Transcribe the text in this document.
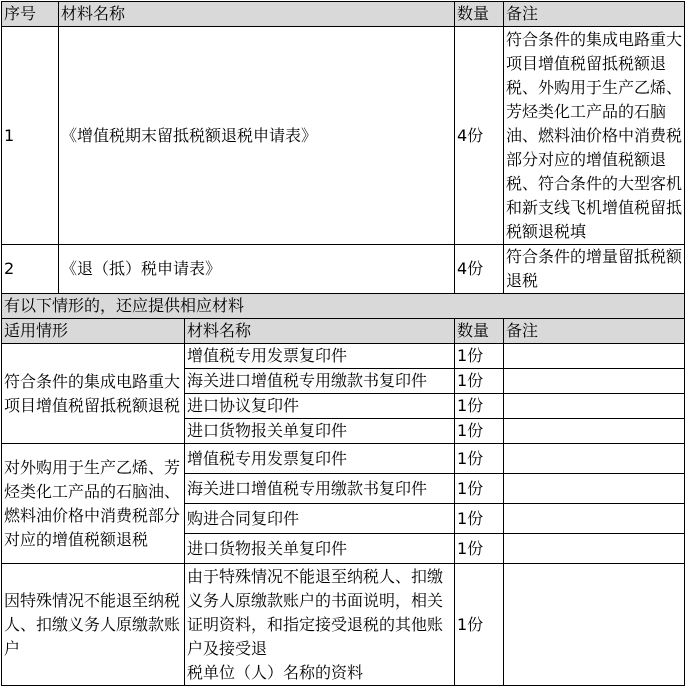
序号	材料名称		数量	备注
1	《增值税期末留抵税额退税申请表》		4份	符合条件的集成电路重大项目增值税留抵税额退税、外购用于生产乙烯、芳烃类化工产品的石脑油、燃料油价格中消费税部分对应的增值税额退税、符合条件的大型客机和新支线飞机增值税留抵税额退税填
2	《退（抵）税申请表》		4份	符合条件的增量留抵税额退税
有以下情形的，还应提供相应材料				
适用情形		材料名称	数量	备注
符合条件的集成电路重大项目增值税留抵税额退税		增值税专用发票复印件	1份	
		海关进口增值税专用缴款书复印件	1份	
		进口协议复印件	1份	
		进口货物报关单复印件	1份	
对外购用于生产乙烯、芳烃类化工产品的石脑油、燃料油价格中消费税部分对应的增值税额退税		增值税专用发票复印件	1份	
		海关进口增值税专用缴款书复印件	1份	
		购进合同复印件	1份	
		进口货物报关单复印件	1份	
因特殊情况不能退至纳税人、扣缴义务人原缴款账户		由于特殊情况不能退至纳税人、扣缴义务人原缴款账户的书面说明，相关证明资料，和指定接受退税的其他账户及接受退
税单位（人）名称的资料	1份	
